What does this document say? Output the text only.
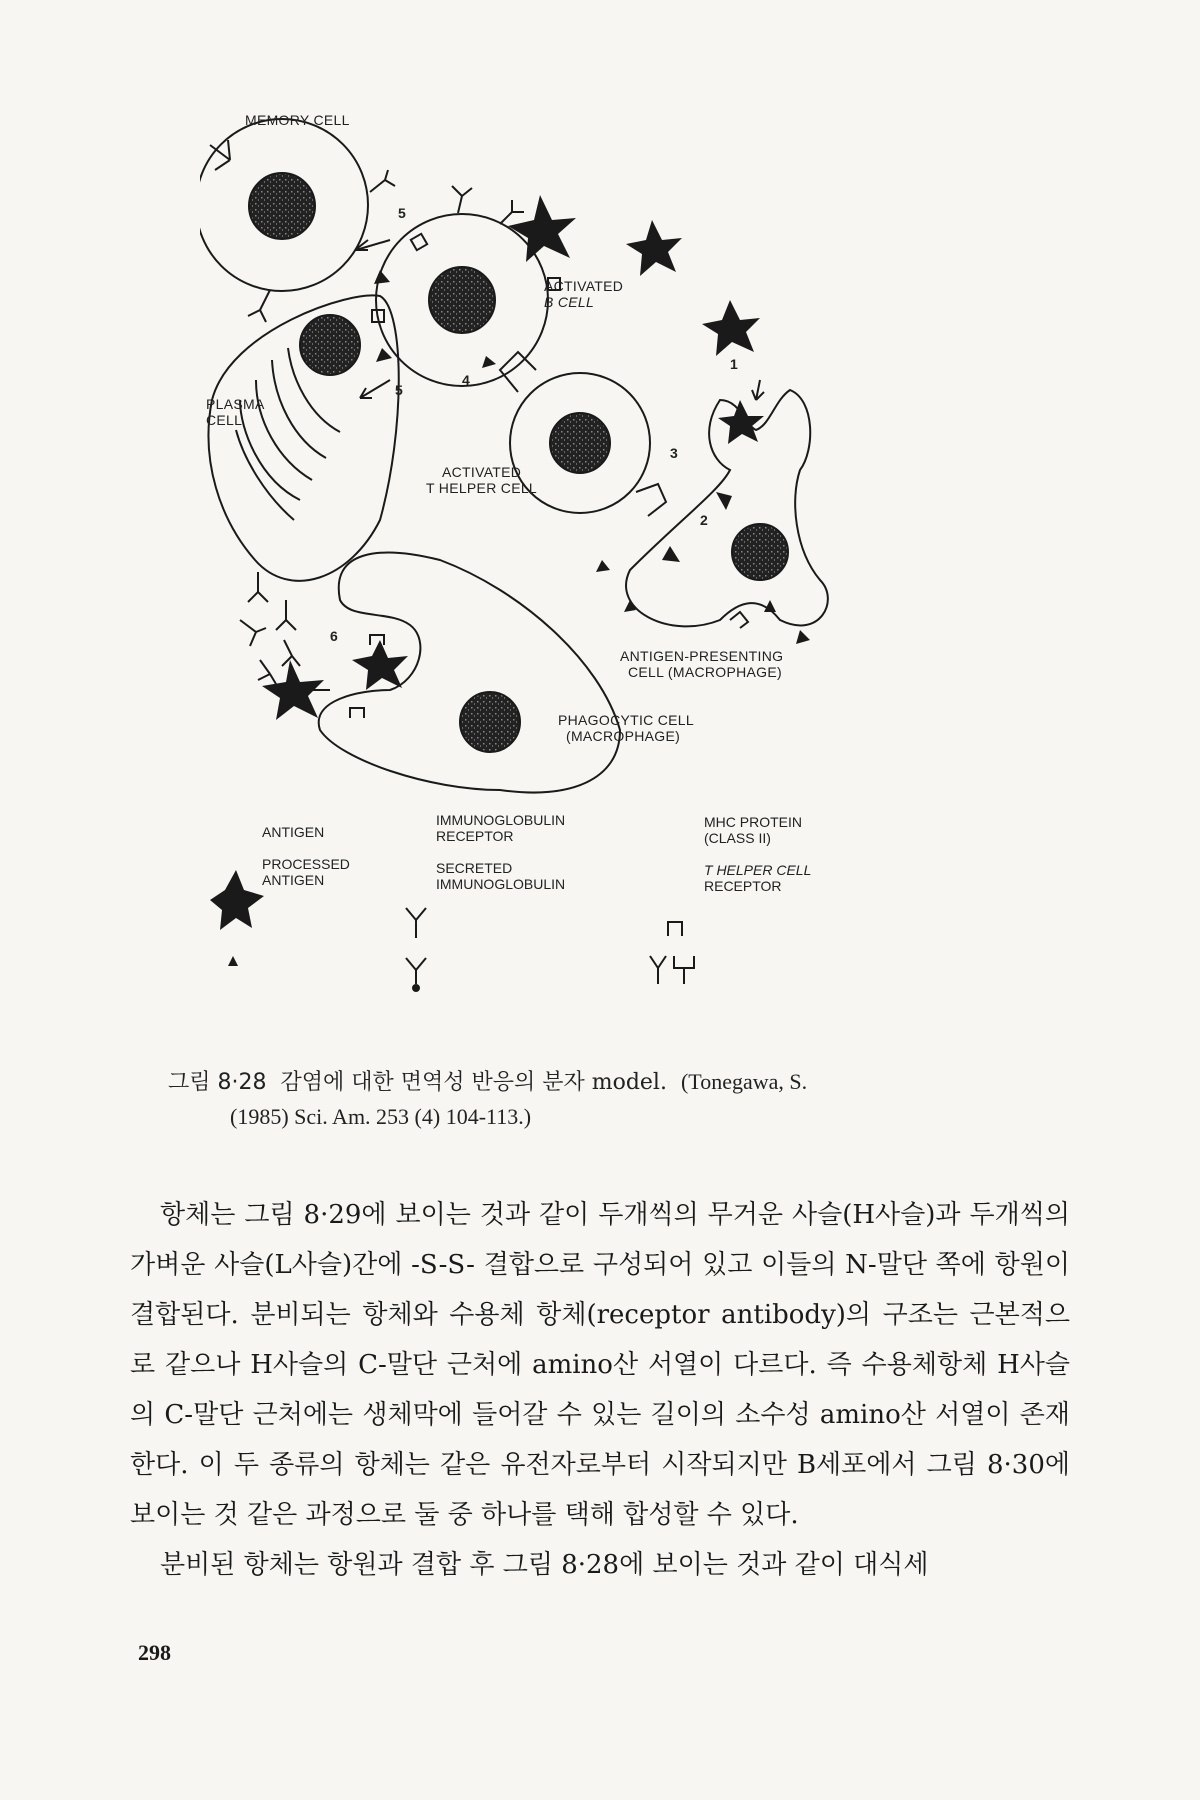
MEMORY CELL
ACTIVATED
B CELL
PLASMA
CELL
ACTIVATED
T HELPER CELL
ANTIGEN-PRESENTING
CELL (MACROPHAGE)
PHAGOCYTIC CELL
(MACROPHAGE)
1
2
3
4
5
5
6
ANTIGEN
PROCESSED
ANTIGEN
IMMUNOGLOBULIN
RECEPTOR
SECRETED
IMMUNOGLOBULIN
MHC PROTEIN
(CLASS II)
T HELPER CELL
RECEPTOR
그림 8·28 감염에 대한 면역성 반응의 분자 model. (Tonegawa, S.
(1985) Sci. Am. 253 (4) 104-113.)

항체는 그림 8·29에 보이는 것과 같이 두개씩의 무거운 사슬(H사슬)과 두개씩의 가벼운 사슬(L사슬)간에 -S-S- 결합으로 구성되어 있고 이들의 N-말단 쪽에 항원이 결합된다. 분비되는 항체와 수용체 항체(receptor antibody)의 구조는 근본적으로 같으나 H사슬의 C-말단 근처에 amino산 서열이 다르다. 즉 수용체항체 H사슬의 C-말단 근처에는 생체막에 들어갈 수 있는 길이의 소수성 amino산 서열이 존재한다. 이 두 종류의 항체는 같은 유전자로부터 시작되지만 B세포에서 그림 8·30에 보이는 것 같은 과정으로 둘 중 하나를 택해 합성할 수 있다.

분비된 항체는 항원과 결합 후 그림 8·28에 보이는 것과 같이 대식세

298
